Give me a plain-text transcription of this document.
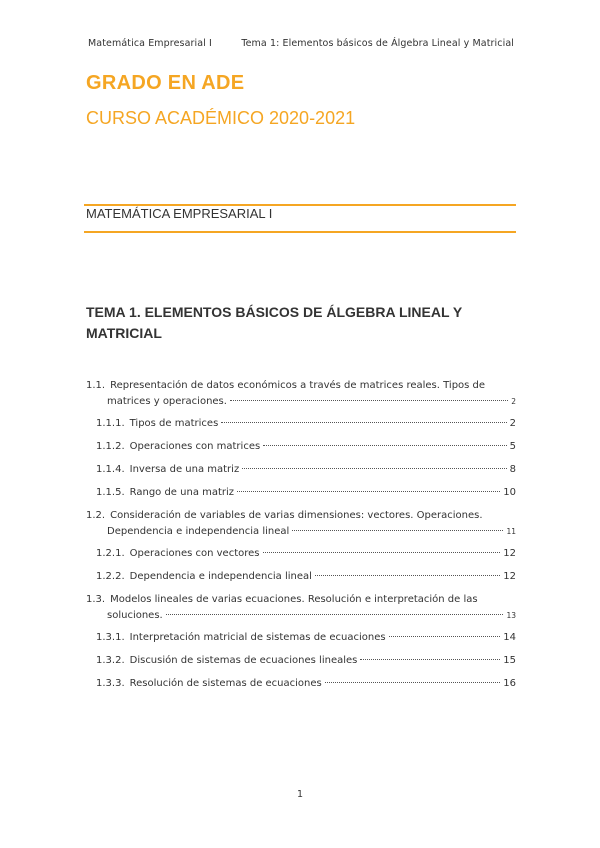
Matemática Empresarial I	Tema 1: Elementos básicos de Álgebra Lineal y Matricial
GRADO EN ADE
CURSO ACADÉMICO 2020-2021
MATEMÁTICA EMPRESARIAL I
TEMA 1. ELEMENTOS BÁSICOS DE ÁLGEBRA LINEAL Y MATRICIAL
1.1. Representación de datos económicos a través de matrices reales. Tipos de
matrices y operaciones.	2
1.1.1. Tipos de matrices	2
1.1.2. Operaciones con matrices	5
1.1.4. Inversa de una matriz	8
1.1.5. Rango de una matriz	10
1.2. Consideración de variables de varias dimensiones: vectores. Operaciones.
Dependencia e independencia lineal	11
1.2.1. Operaciones con vectores	12
1.2.2. Dependencia e independencia lineal	12
1.3. Modelos lineales de varias ecuaciones. Resolución e interpretación de las
soluciones.	13
1.3.1. Interpretación matricial de sistemas de ecuaciones	14
1.3.2. Discusión de sistemas de ecuaciones lineales	15
1.3.3. Resolución de sistemas de ecuaciones	16
1
